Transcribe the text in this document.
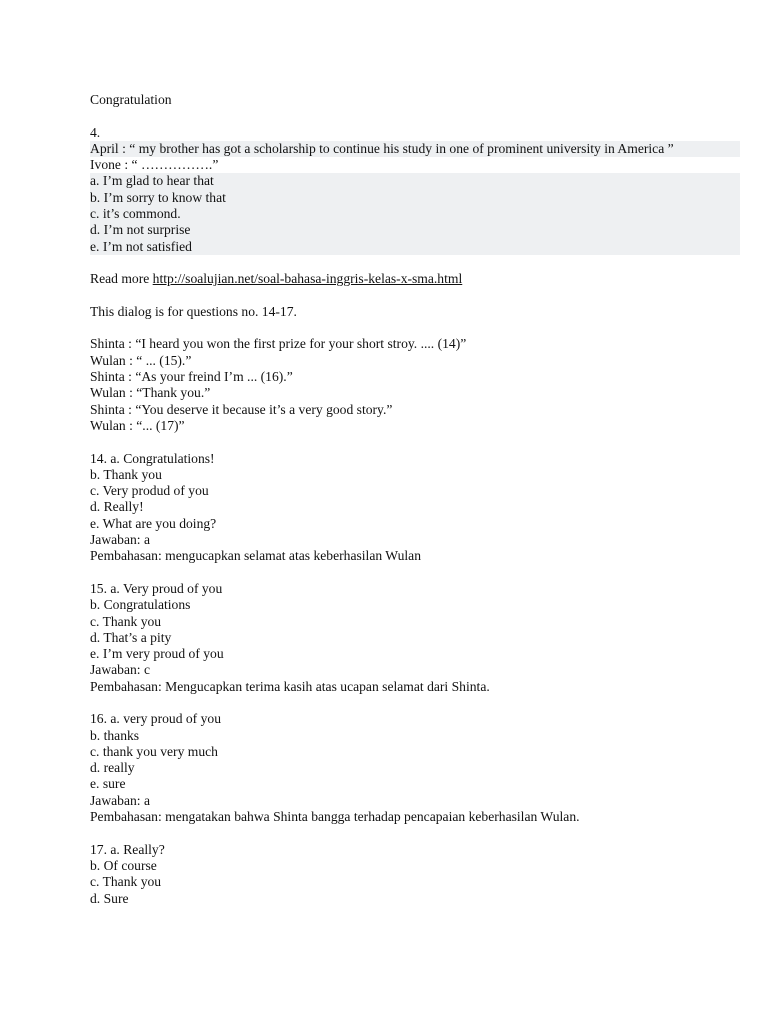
Congratulation
4.
April : “ my brother has got a scholarship to continue his study in one of prominent university in America ”
Ivone : “ …………….”
a. I’m glad to hear that
b. I’m sorry to know that
c. it’s commond.
d. I’m not surprise
e. I’m not satisfied
Read more http://soalujian.net/soal-bahasa-inggris-kelas-x-sma.html
This dialog is for questions no. 14-17.
Shinta : “I heard you won the first prize for your short stroy. .... (14)”
Wulan : “ ... (15).”
Shinta : “As your freind I’m ... (16).”
Wulan : “Thank you.”
Shinta : “You deserve it because it’s a very good story.”
Wulan : “... (17)”
14. a. Congratulations!
b. Thank you
c. Very produd of you
d. Really!
e. What are you doing?
Jawaban: a
Pembahasan: mengucapkan selamat atas keberhasilan Wulan
15. a. Very proud of you
b. Congratulations
c. Thank you
d. That’s a pity
e. I’m very proud of you
Jawaban: c
Pembahasan: Mengucapkan terima kasih atas ucapan selamat dari Shinta.
16. a. very proud of you
b. thanks
c. thank you very much
d. really
e. sure
Jawaban: a
Pembahasan: mengatakan bahwa Shinta bangga terhadap pencapaian keberhasilan Wulan.
17. a. Really?
b. Of course
c. Thank you
d. Sure
